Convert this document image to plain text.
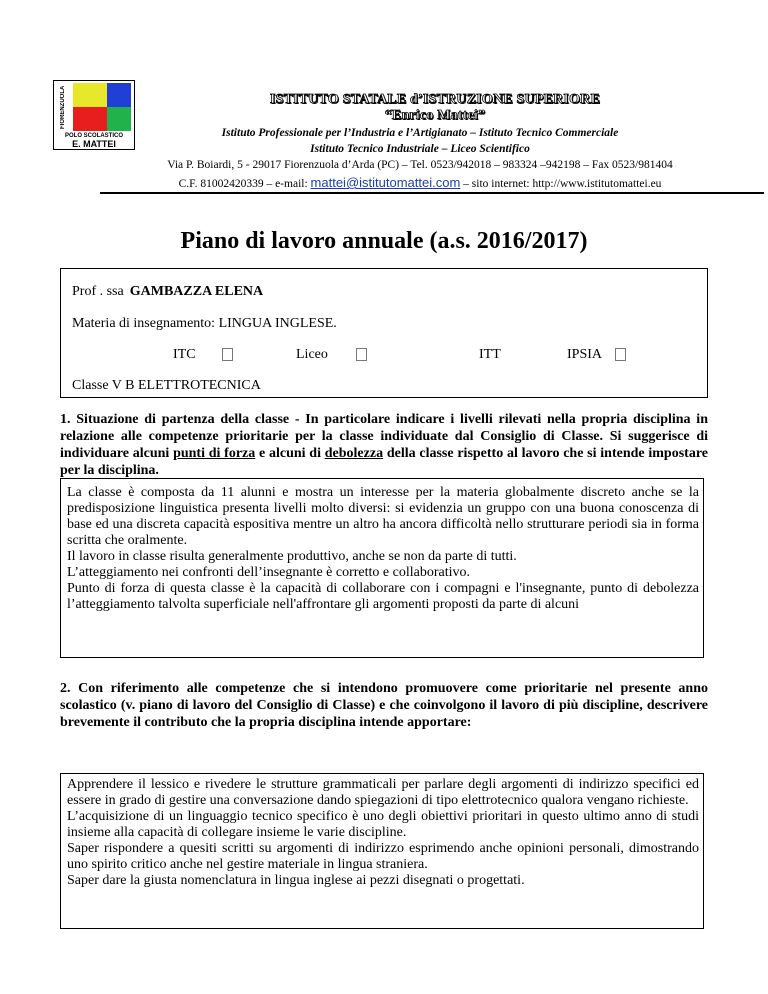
FIORENZUOLA
POLO SCOLASTICO
E. MATTEI
ISTITUTO STATALE d’ISTRUZIONE SUPERIORE
“Enrico Mattei”
Istituto Professionale per l’Industria e l’Artigianato – Istituto Tecnico Commerciale
Istituto Tecnico Industriale – Liceo Scientifico
Via P. Boiardi, 5 - 29017 Fiorenzuola d’Arda (PC) – Tel. 0523/942018 – 983324 –942198 – Fax 0523/981404
C.F. 81002420339 – e-mail: mattei@istitutomattei.com – sito internet: http://www.istitutomattei.eu
Piano di lavoro annuale (a.s. 2016/2017)
Prof . ssa GAMBAZZA ELENA
Materia di insegnamento: LINGUA INGLESE.
ITC	Liceo	ITT	IPSIA
Classe V B ELETTROTECNICA
1. Situazione di partenza della classe - In particolare indicare i livelli rilevati nella propria disciplina in relazione alle competenze prioritarie per la classe individuate dal Consiglio di Classe. Si suggerisce di individuare alcuni punti di forza e alcuni di debolezza della classe rispetto al lavoro che si intende impostare per la disciplina.

La classe è composta da 11 alunni e mostra un interesse per la materia globalmente discreto anche se la predisposizione linguistica presenta livelli molto diversi: si evidenzia un gruppo con una buona conoscenza di base ed una discreta capacità espositiva mentre un altro ha ancora difficoltà nello strutturare periodi sia in forma scritta che oralmente.

Il lavoro in classe risulta generalmente produttivo, anche se non da parte di tutti.

L’atteggiamento nei confronti dell’insegnante è corretto e collaborativo.

Punto di forza di questa classe è la capacità di collaborare con i compagni e l'insegnante, punto di debolezza l’atteggiamento talvolta superficiale nell'affrontare gli argomenti proposti da parte di alcuni

2. Con riferimento alle competenze che si intendono promuovere come prioritarie nel presente anno scolastico (v. piano di lavoro del Consiglio di Classe) e che coinvolgono il lavoro di più discipline, descrivere brevemente il contributo che la propria disciplina intende apportare:

Apprendere il lessico e rivedere le strutture grammaticali per parlare degli argomenti di indirizzo specifici ed essere in grado di gestire una conversazione dando spiegazioni di tipo elettrotecnico qualora vengano richieste.

L’acquisizione di un linguaggio tecnico specifico è uno degli obiettivi prioritari in questo ultimo anno di studi insieme alla capacità di collegare insieme le varie discipline.

Saper rispondere a quesiti scritti su argomenti di indirizzo esprimendo anche opinioni personali, dimostrando uno spirito critico anche nel gestire materiale in lingua straniera.

Saper dare la giusta nomenclatura in lingua inglese ai pezzi disegnati o progettati.
